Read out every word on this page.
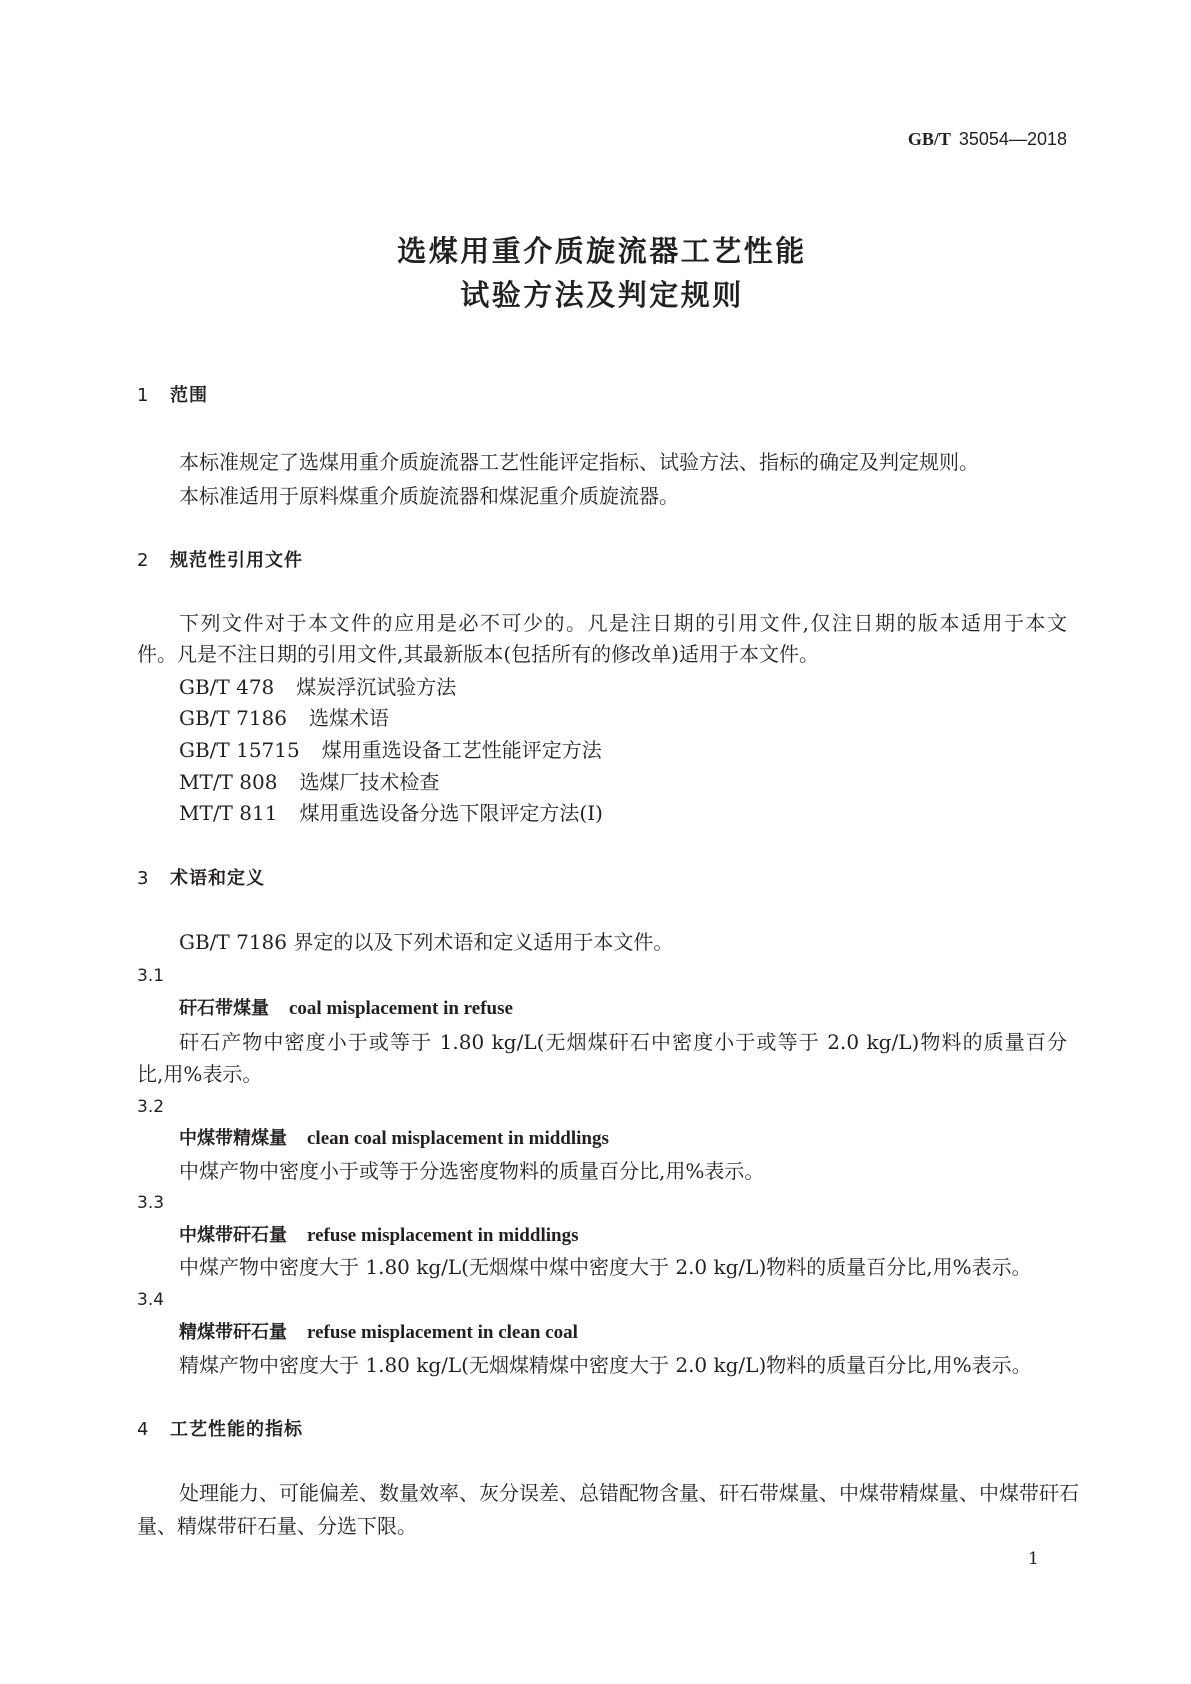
GB/T 35054—2018
选煤用重介质旋流器工艺性能
试验方法及判定规则
1 范围
本标准规定了选煤用重介质旋流器工艺性能评定指标、试验方法、指标的确定及判定规则。
本标准适用于原料煤重介质旋流器和煤泥重介质旋流器。
2 规范性引用文件
下列文件对于本文件的应用是必不可少的。凡是注日期的引用文件,仅注日期的版本适用于本文
件。凡是不注日期的引用文件,其最新版本(包括所有的修改单)适用于本文件。
GB/T 478 煤炭浮沉试验方法
GB/T 7186 选煤术语
GB/T 15715 煤用重选设备工艺性能评定方法
MT/T 808 选煤厂技术检查
MT/T 811 煤用重选设备分选下限评定方法(Ⅰ)
3 术语和定义
GB/T 7186 界定的以及下列术语和定义适用于本文件。
3.1
矸石带煤量 coal misplacement in refuse
矸石产物中密度小于或等于 1.80 kg/L(无烟煤矸石中密度小于或等于 2.0 kg/L)物料的质量百分
比,用%表示。
3.2
中煤带精煤量 clean coal misplacement in middlings
中煤产物中密度小于或等于分选密度物料的质量百分比,用%表示。
3.3
中煤带矸石量 refuse misplacement in middlings
中煤产物中密度大于 1.80 kg/L(无烟煤中煤中密度大于 2.0 kg/L)物料的质量百分比,用%表示。
3.4
精煤带矸石量 refuse misplacement in clean coal
精煤产物中密度大于 1.80 kg/L(无烟煤精煤中密度大于 2.0 kg/L)物料的质量百分比,用%表示。
4 工艺性能的指标
处理能力、可能偏差、数量效率、灰分误差、总错配物含量、矸石带煤量、中煤带精煤量、中煤带矸石
量、精煤带矸石量、分选下限。
1
